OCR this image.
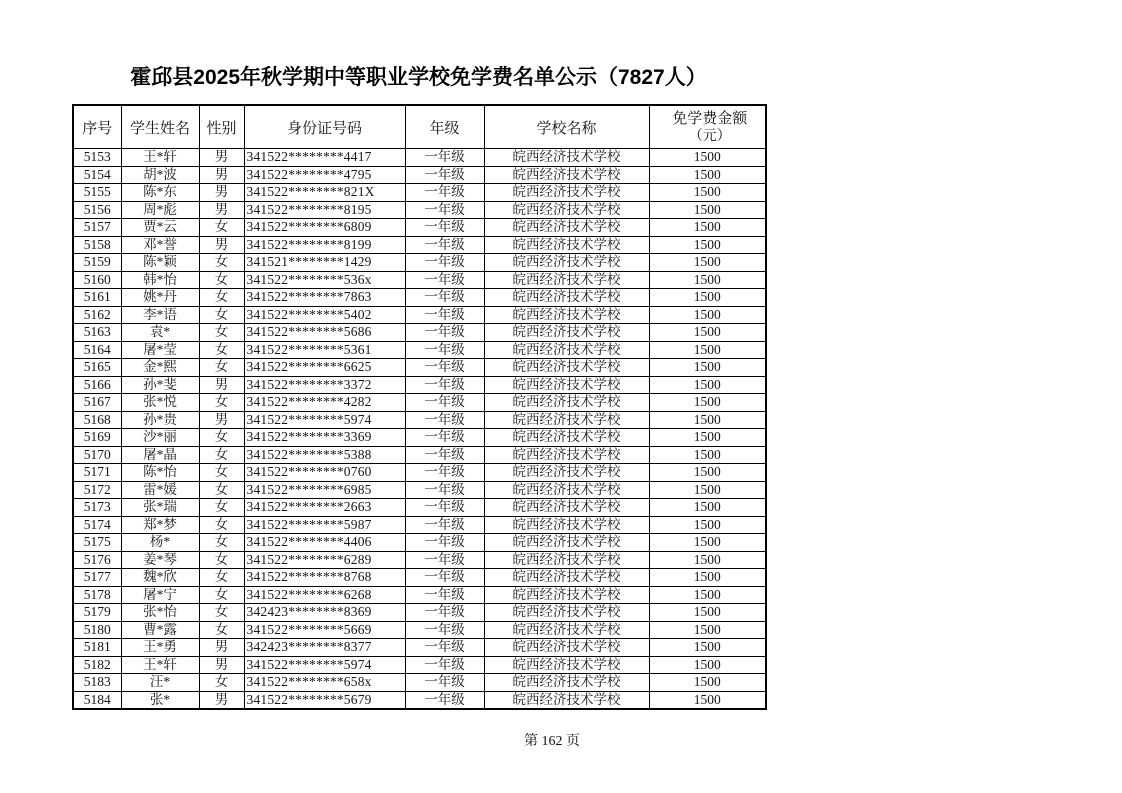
霍邱县2025年秋学期中等职业学校免学费名单公示（7827人）
序号	学生姓名	性别	身份证号码	年级	学校名称	免学费金额
（元）

5153	王*轩	男	341522********4417	一年级	皖西经济技术学校	1500
5154	胡*波	男	341522********4795	一年级	皖西经济技术学校	1500
5155	陈*东	男	341522********821X	一年级	皖西经济技术学校	1500
5156	周*彪	男	341522********8195	一年级	皖西经济技术学校	1500
5157	贾*云	女	341522********6809	一年级	皖西经济技术学校	1500
5158	邓*誉	男	341522********8199	一年级	皖西经济技术学校	1500
5159	陈*颖	女	341521********1429	一年级	皖西经济技术学校	1500
5160	韩*怡	女	341522********536x	一年级	皖西经济技术学校	1500
5161	姚*丹	女	341522********7863	一年级	皖西经济技术学校	1500
5162	李*语	女	341522********5402	一年级	皖西经济技术学校	1500
5163	袁*	女	341522********5686	一年级	皖西经济技术学校	1500
5164	屠*莹	女	341522********5361	一年级	皖西经济技术学校	1500
5165	金*熙	女	341522********6625	一年级	皖西经济技术学校	1500
5166	孙*斐	男	341522********3372	一年级	皖西经济技术学校	1500
5167	张*悦	女	341522********4282	一年级	皖西经济技术学校	1500
5168	孙*贵	男	341522********5974	一年级	皖西经济技术学校	1500
5169	沙*丽	女	341522********3369	一年级	皖西经济技术学校	1500
5170	屠*晶	女	341522********5388	一年级	皖西经济技术学校	1500
5171	陈*怡	女	341522********0760	一年级	皖西经济技术学校	1500
5172	雷*媛	女	341522********6985	一年级	皖西经济技术学校	1500
5173	张*瑞	女	341522********2663	一年级	皖西经济技术学校	1500
5174	郑*梦	女	341522********5987	一年级	皖西经济技术学校	1500
5175	杨*	女	341522********4406	一年级	皖西经济技术学校	1500
5176	姜*琴	女	341522********6289	一年级	皖西经济技术学校	1500
5177	魏*欣	女	341522********8768	一年级	皖西经济技术学校	1500
5178	屠*宁	女	341522********6268	一年级	皖西经济技术学校	1500
5179	张*怡	女	342423********8369	一年级	皖西经济技术学校	1500
5180	曹*露	女	341522********5669	一年级	皖西经济技术学校	1500
5181	王*勇	男	342423********8377	一年级	皖西经济技术学校	1500
5182	王*轩	男	341522********5974	一年级	皖西经济技术学校	1500
5183	汪*	女	341522********658x	一年级	皖西经济技术学校	1500
5184	张*	男	341522********5679	一年级	皖西经济技术学校	1500
第 162 页
